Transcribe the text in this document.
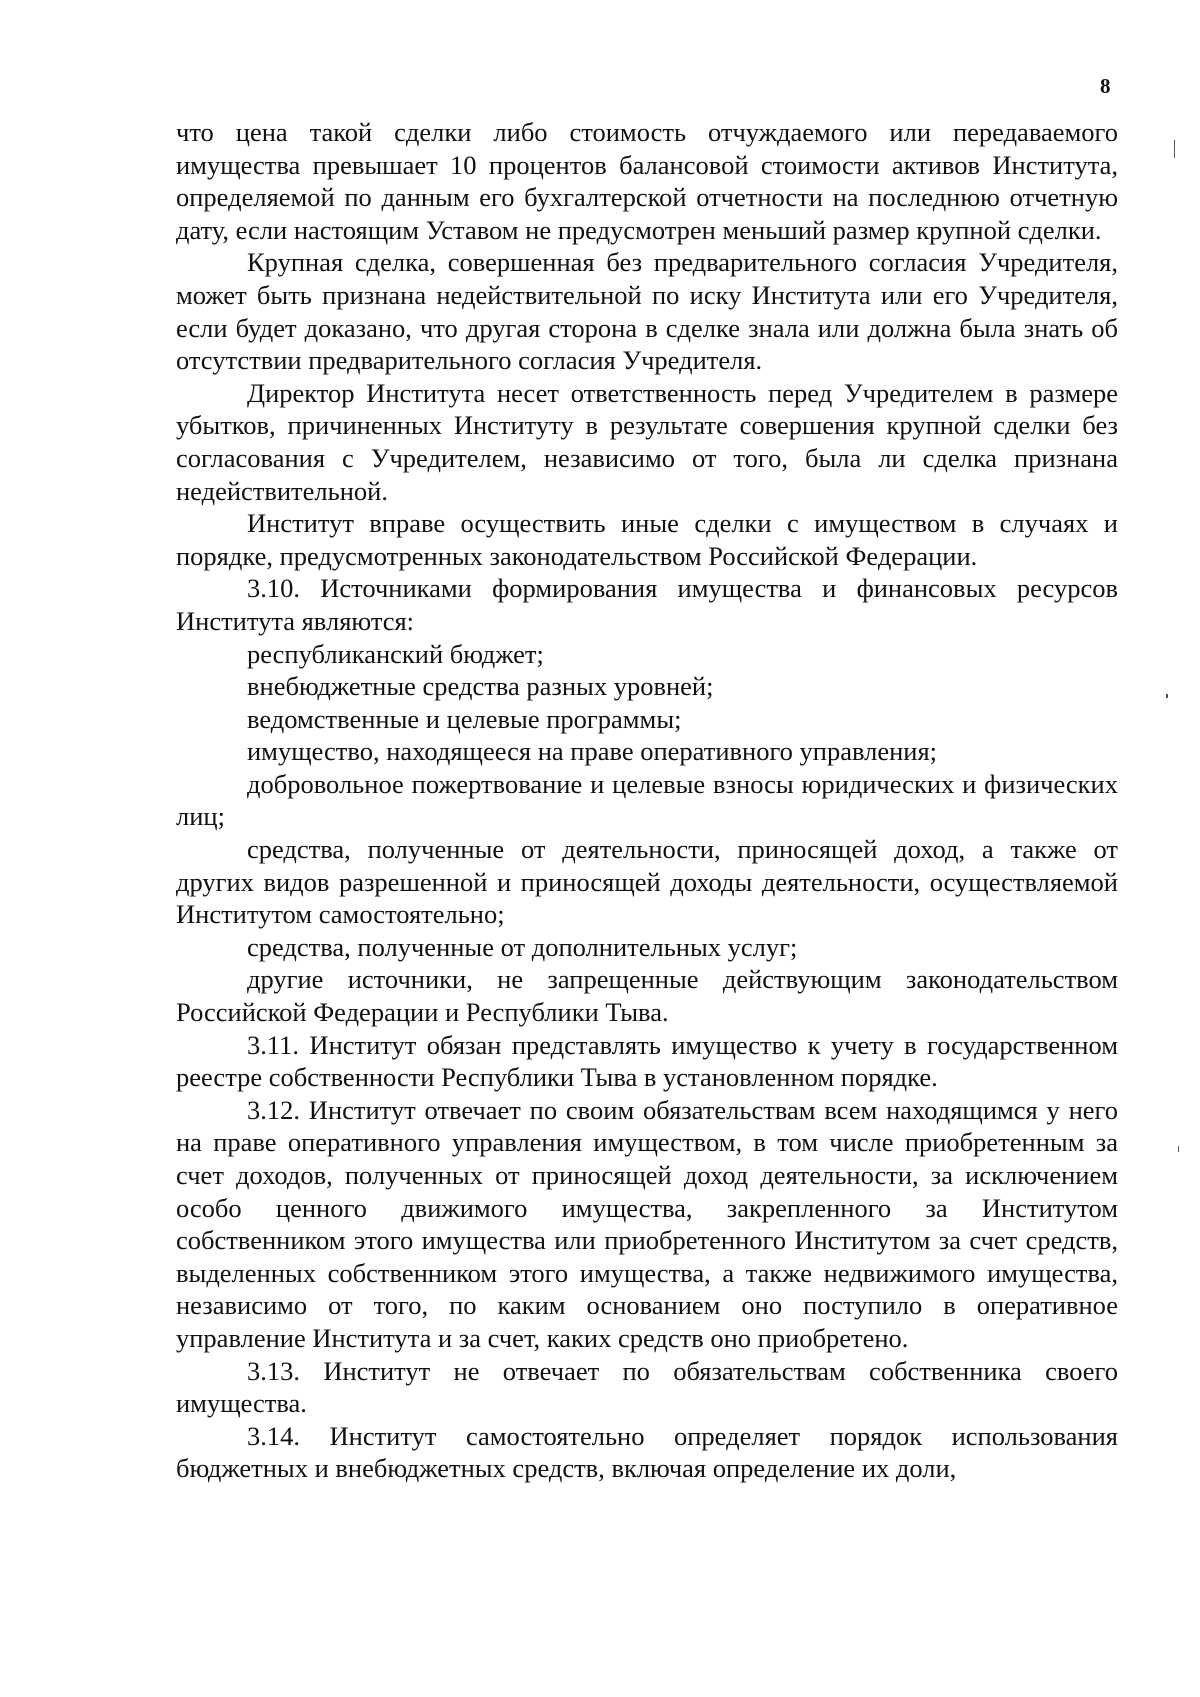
8

что цена такой сделки либо стоимость отчуждаемого или передаваемого имущества превышает 10 процентов балансовой стоимости активов Института, определяемой по данным его бухгалтерской отчетности на последнюю отчетную дату, если настоящим Уставом не предусмотрен меньший размер крупной сделки.

Крупная сделка, совершенная без предварительного согласия Учредителя, может быть признана недействительной по иску Института или его Учредителя, если будет доказано, что другая сторона в сделке знала или должна была знать об отсутствии предварительного согласия Учредителя.

Директор Института несет ответственность перед Учредителем в размере убытков, причиненных Институту в результате совершения крупной сделки без согласования с Учредителем, независимо от того, была ли сделка признана недействительной.

Институт вправе осуществить иные сделки с имуществом в случаях и порядке, предусмотренных законодательством Российской Федерации.

3.10. Источниками формирования имущества и финансовых ресурсов Института являются:

республиканский бюджет;

внебюджетные средства разных уровней;

ведомственные и целевые программы;

имущество, находящееся на праве оперативного управления;

добровольное пожертвование и целевые взносы юридических и физических лиц;

средства, полученные от деятельности, приносящей доход, а также от других видов разрешенной и приносящей доходы деятельности, осуществляемой Институтом самостоятельно;

средства, полученные от дополнительных услуг;

другие источники, не запрещенные действующим законодательством Российской Федерации и Республики Тыва.

3.11. Институт обязан представлять имущество к учету в государственном реестре собственности Республики Тыва в установленном порядке.

3.12. Институт отвечает по своим обязательствам всем находящимся у него на праве оперативного управления имуществом, в том числе приобретенным за счет доходов, полученных от приносящей доход деятельности, за исключением особо ценного движимого имущества, закрепленного за Институтом собственником этого имущества или приобретенного Институтом за счет средств, выделенных собственником этого имущества, а также недвижимого имущества, независимо от того, по каким основанием оно поступило в оперативное управление Института и за счет, каких средств оно приобретено.

3.13. Институт не отвечает по обязательствам собственника своего имущества.

3.14. Институт самостоятельно определяет порядок использования бюджетных и внебюджетных средств, включая определение их доли,
